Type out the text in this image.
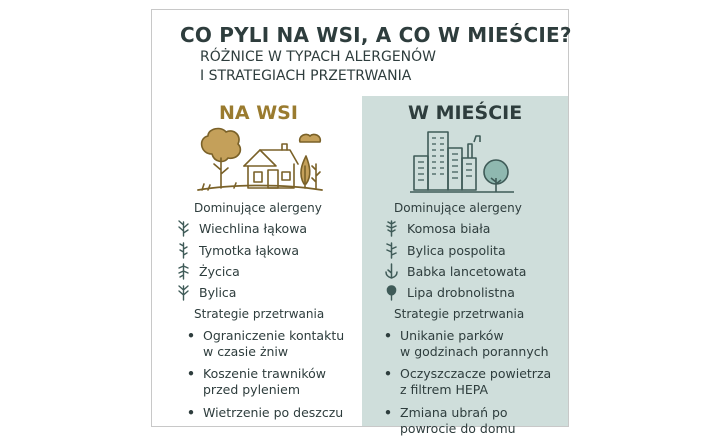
CO PYLI NA WSI, A CO W MIEŚCIE?
RÓŻNICE W TYPACH ALERGENÓW
I STRATEGIACH PRZETRWANIA
NA WSI
Dominujące alergeny
Wiechlina łąkowa
Tymotka łąkowa
Życica
Bylica
Strategie przetrwania
• Ograniczenie kontaktu
w czasie żniw
• Koszenie trawników
przed pyleniem
• Wietrzenie po deszczu
W MIEŚCIE
Dominujące alergeny
Komosa biała
Bylica pospolita
Babka lancetowata
Lipa drobnolistna
Strategie przetrwania
• Unikanie parków
w godzinach porannych
• Oczyszczacze powietrza
z filtrem HEPA
• Zmiana ubrań po
powrocie do domu
